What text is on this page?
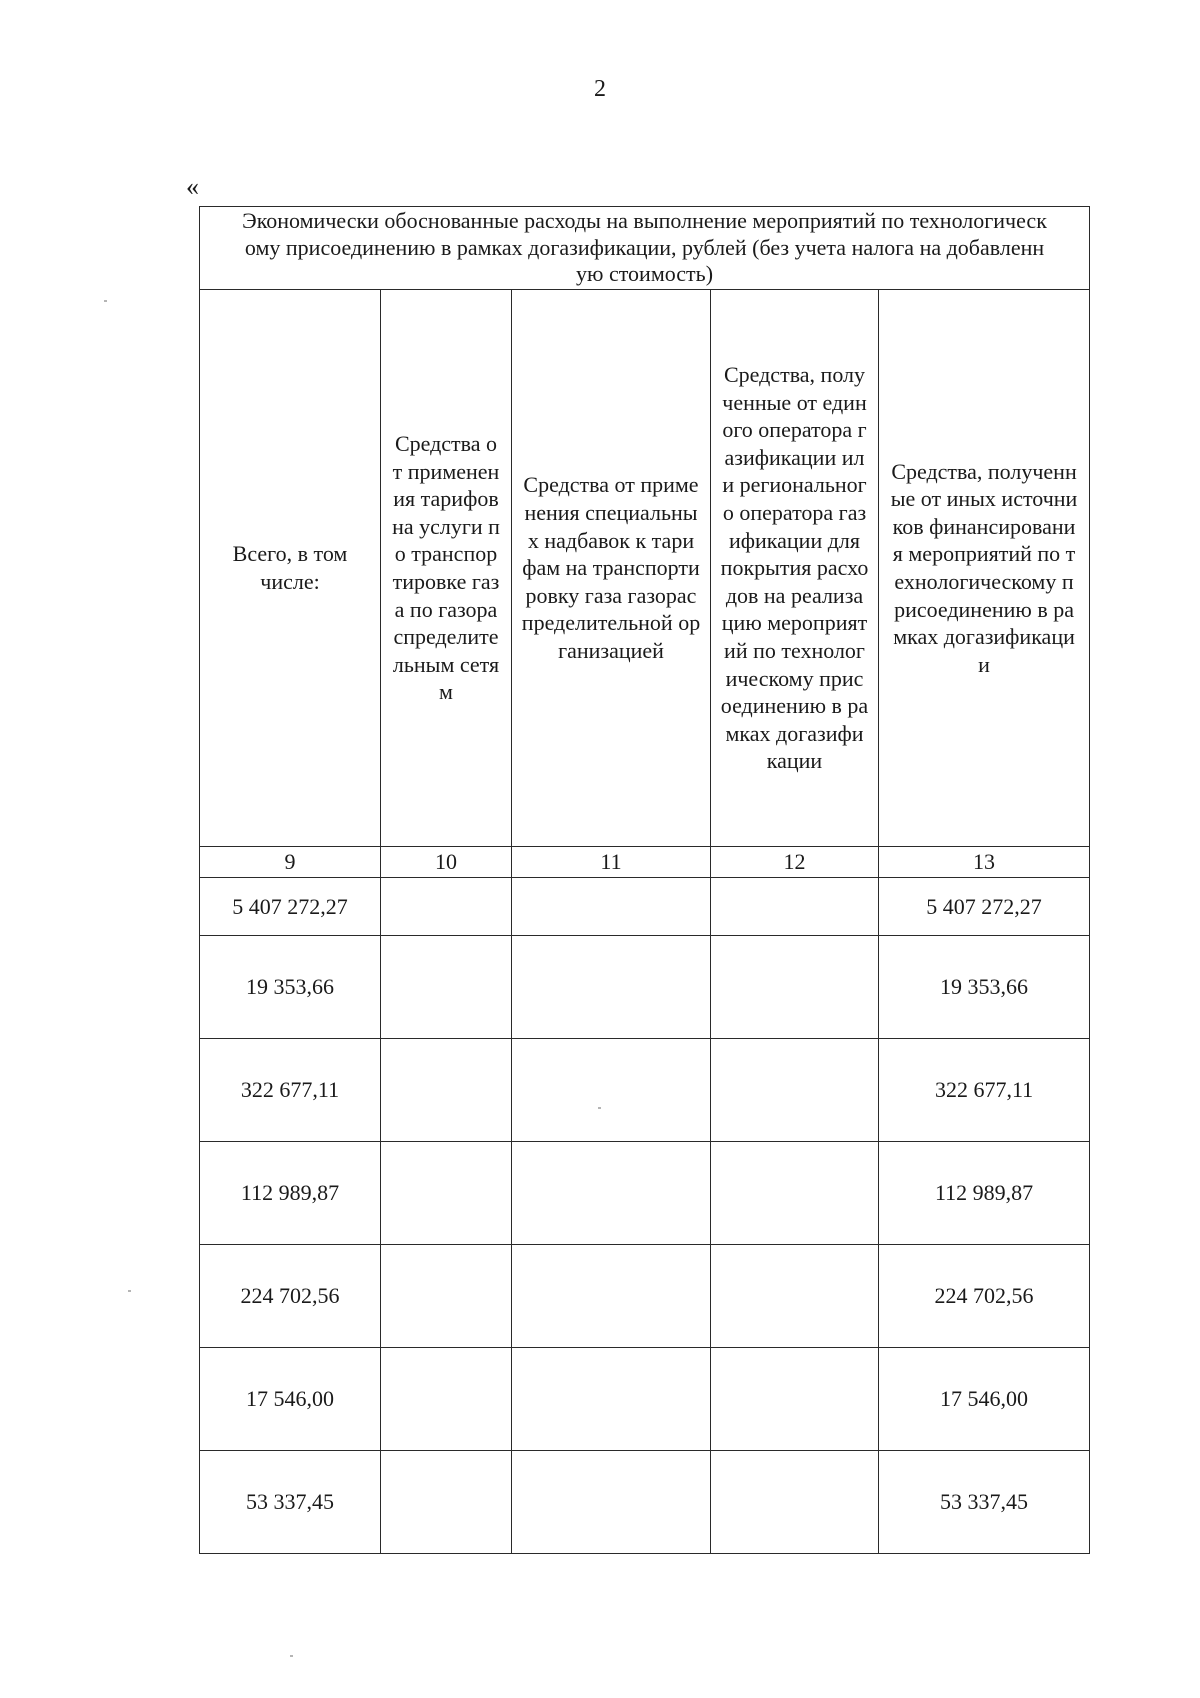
2
«
Экономически обоснованные расходы на выполнение мероприятий по технологическому присоединению в рамках догазификации, рублей (без учета налога на добавленную стоимость)				

Всего, в том числе:	Средства от применения тарифов на услуги по транспортировке газа по газораспределительным сетям	Средства от применения специальных надбавок к тарифам на транспортировку газа газораспределительной организацией	Средства, полученные от единого оператора газификации или регионального оператора газификации для покрытия расходов на реализацию мероприятий по технологическому присоединению в рамках догазификации	Средства, полученные от иных источников финансирования мероприятий по технологическому присоединению в рамках догазификации

9	10	11	12	13
5 407 272,27				5 407 272,27
19 353,66				19 353,66
322 677,11				322 677,11
112 989,87				112 989,87
224 702,56				224 702,56
17 546,00				17 546,00
53 337,45				53 337,45
